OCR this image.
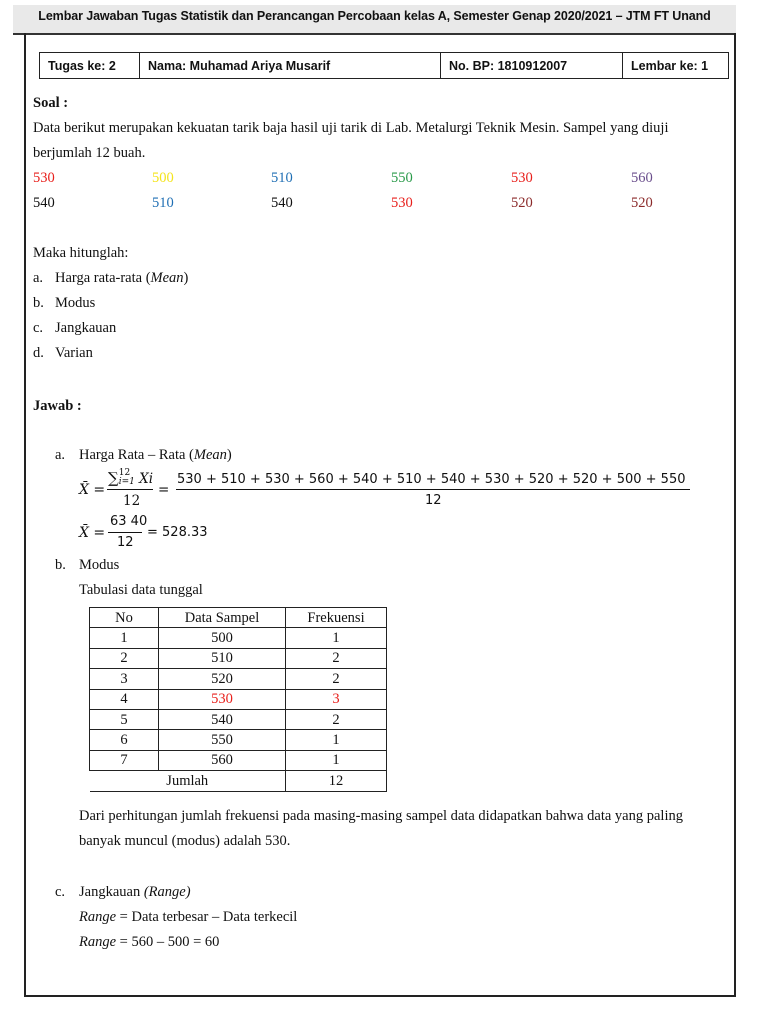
Lembar Jawaban Tugas Statistik dan Perancangan Percobaan kelas A, Semester Genap 2020/2021 – JTM FT Unand
Tugas ke: 2	Nama: Muhamad Ariya Musarif	No. BP: 1810912007	Lembar ke: 1
Soal :
Data berikut merupakan kekuatan tarik baja hasil uji tarik di Lab. Metalurgi Teknik Mesin. Sampel yang diuji
berjumlah 12 buah.
530	500	510	550	530	560
540	510	540	530	520	520
Maka hitunglah:
a. Harga rata-rata (Mean)
b. Modus
c. Jangkauan
d. Varian
Jawab :
a. Harga Rata – Rata (Mean)
X̄ =
∑12
i=1 Xi
12
=
530 + 510 + 530 + 560 + 540 + 510 + 540 + 530 + 520 + 520 + 500 + 550
12
X̄ =
63 40
12
= 528.33
b. Modus
Tabulasi data tunggal
No	Data Sampel	Frekuensi
1	500	1
2	510	2
3	520	2
4	530	3
5	540	2
6	550	1
7	560	1
Jumlah		12
Dari perhitungan jumlah frekuensi pada masing-masing sampel data didapatkan bahwa data yang paling
banyak muncul (modus) adalah 530.
c. Jangkauan (Range)
Range = Data terbesar – Data terkecil
Range = 560 – 500 = 60
